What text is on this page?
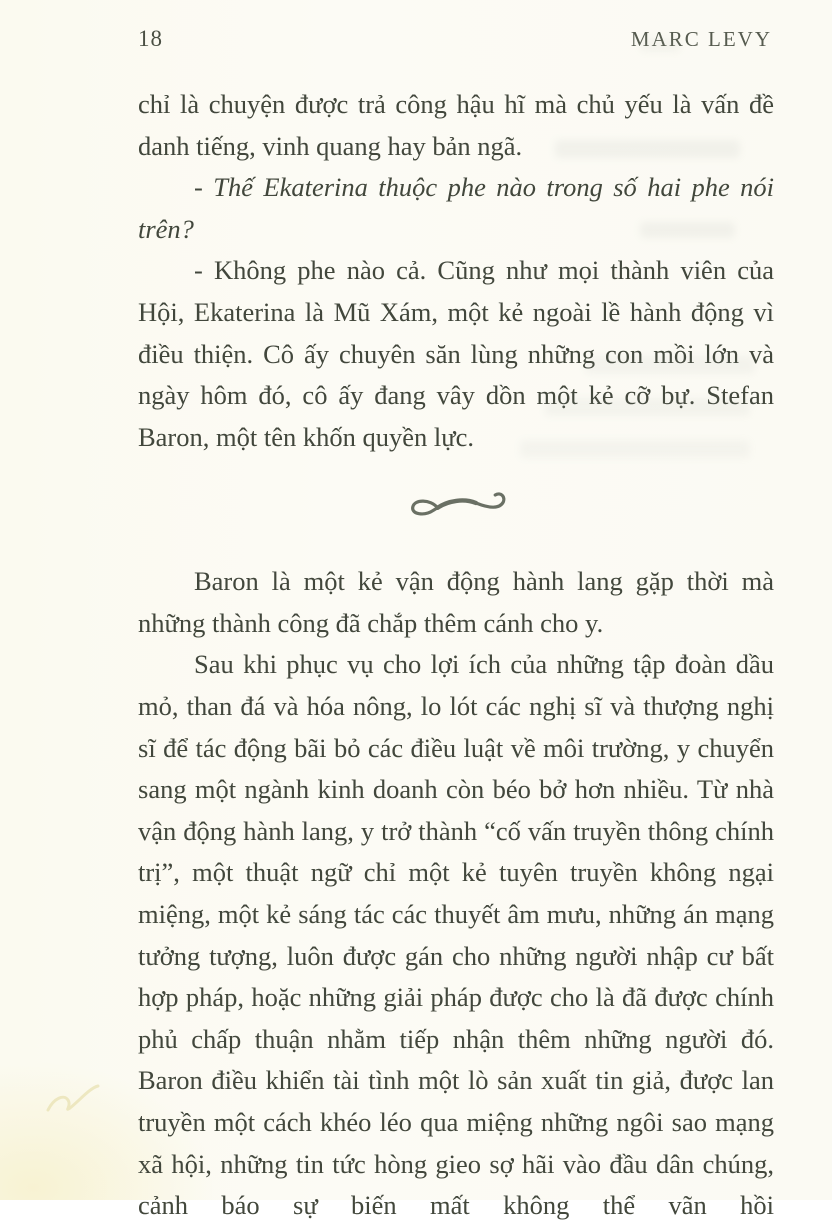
18	MARC LEVY

chỉ là chuyện được trả công hậu hĩ mà chủ yếu là vấn đề danh tiếng, vinh quang hay bản ngã.

- Thế Ekaterina thuộc phe nào trong số hai phe nói trên?

- Không phe nào cả. Cũng như mọi thành viên của Hội, Ekaterina là Mũ Xám, một kẻ ngoài lề hành động vì điều thiện. Cô ấy chuyên săn lùng những con mồi lớn và ngày hôm đó, cô ấy đang vây dồn một kẻ cỡ bự. Stefan Baron, một tên khốn quyền lực.

Baron là một kẻ vận động hành lang gặp thời mà những thành công đã chắp thêm cánh cho y.

Sau khi phục vụ cho lợi ích của những tập đoàn dầu mỏ, than đá và hóa nông, lo lót các nghị sĩ và thượng nghị sĩ để tác động bãi bỏ các điều luật về môi trường, y chuyển sang một ngành kinh doanh còn béo bở hơn nhiều. Từ nhà vận động hành lang, y trở thành “cố vấn truyền thông chính trị”, một thuật ngữ chỉ một kẻ tuyên truyền không ngại miệng, một kẻ sáng tác các thuyết âm mưu, những án mạng tưởng tượng, luôn được gán cho những người nhập cư bất hợp pháp, hoặc những giải pháp được cho là đã được chính phủ chấp thuận nhằm tiếp nhận thêm những người đó. Baron điều khiển tài tình một lò sản xuất tin giả, được lan truyền một cách khéo léo qua miệng những ngôi sao mạng xã hội, những tin tức hòng gieo sợ hãi vào đầu dân chúng, cảnh báo sự biến mất không thể vãn hồi
